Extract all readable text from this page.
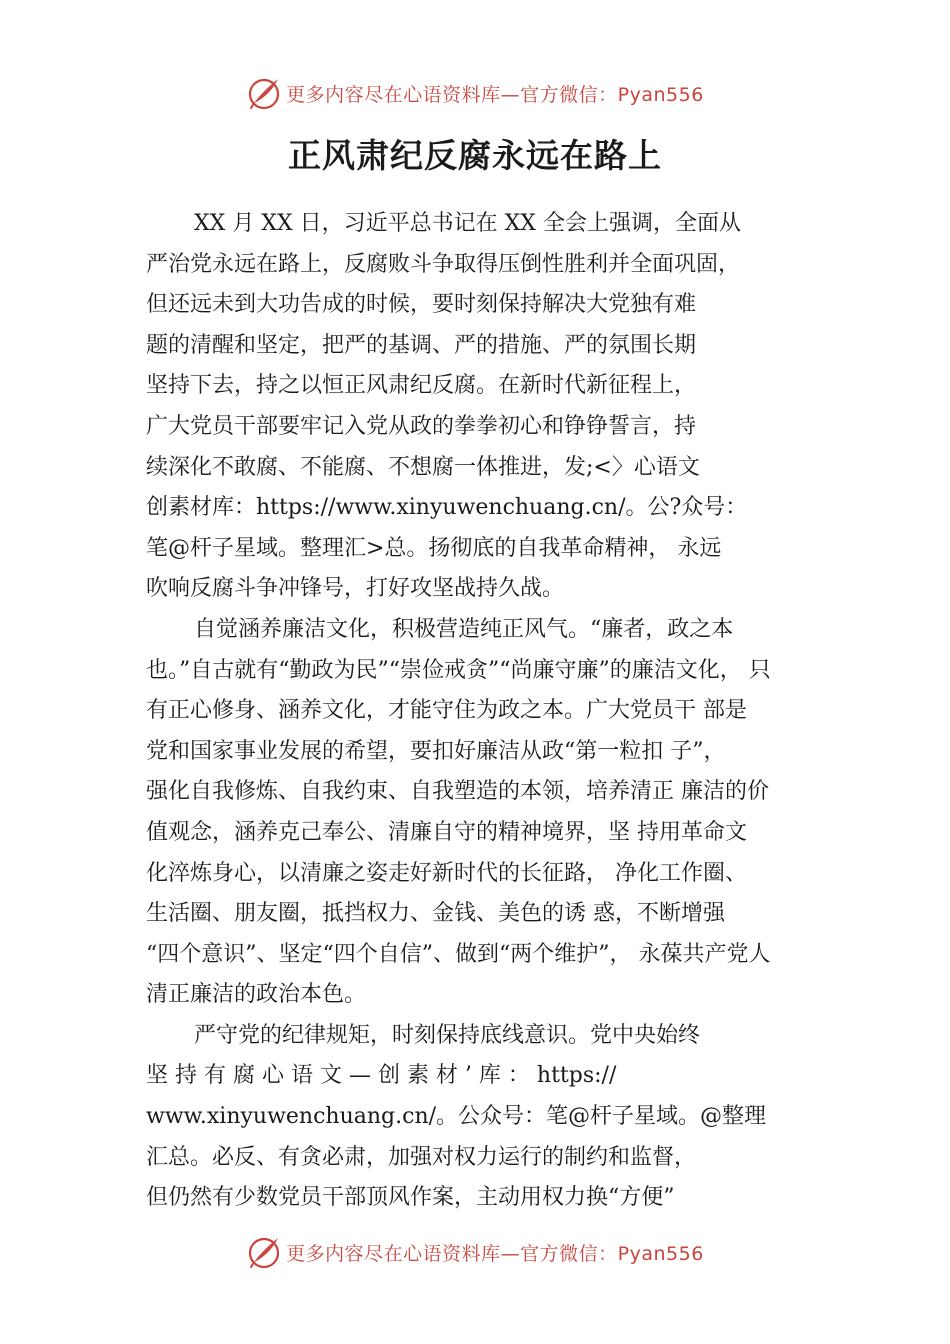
更多内容尽在心语资料库—官方微信：Pyan556
正风肃纪反腐永远在路上
XX 月 XX 日，习近平总书记在 XX 全会上强调，全面从
严治党永远在路上，反腐败斗争取得压倒性胜利并全面巩固，
但还远未到大功告成的时候，要时刻保持解决大党独有难
题的清醒和坚定，把严的基调、严的措施、严的氛围长期
坚持下去，持之以恒正风肃纪反腐。在新时代新征程上，
广大党员干部要牢记入党从政的拳拳初心和铮铮誓言，持
续深化不敢腐、不能腐、不想腐一体推进，发;<〉心语文
创素材库：https://www.xinyuwenchuang.cn/。公?众号：
笔@杆子星域。整理汇>总。扬彻底的自我革命精神， 永远
吹响反腐斗争冲锋号，打好攻坚战持久战。
自觉涵养廉洁文化，积极营造纯正风气。“廉者，政之本
也。”自古就有“勤政为民”“崇俭戒贪”“尚廉守廉”的廉洁文化， 只
有正心修身、涵养文化，才能守住为政之本。广大党员干 部是
党和国家事业发展的希望，要扣好廉洁从政“第一粒扣 子”，
强化自我修炼、自我约束、自我塑造的本领，培养清正 廉洁的价
值观念，涵养克己奉公、清廉自守的精神境界，坚 持用革命文
化淬炼身心，以清廉之姿走好新时代的长征路， 净化工作圈、
生活圈、朋友圈，抵挡权力、金钱、美色的诱 惑，不断增强
“四个意识”、坚定“四个自信”、做到“两个维护”， 永葆共产党人
清正廉洁的政治本色。
严守党的纪律规矩，时刻保持底线意识。党中央始终
坚 持 有 腐 心 语 文 — 创 素 材 ’ 库 ： https://
www.xinyuwenchuang.cn/。公众号：笔@杆子星域。@整理
汇总。必反、有贪必肃，加强对权力运行的制约和监督，
但仍然有少数党员干部顶风作案，主动用权力换“方便”
更多内容尽在心语资料库—官方微信：Pyan556
